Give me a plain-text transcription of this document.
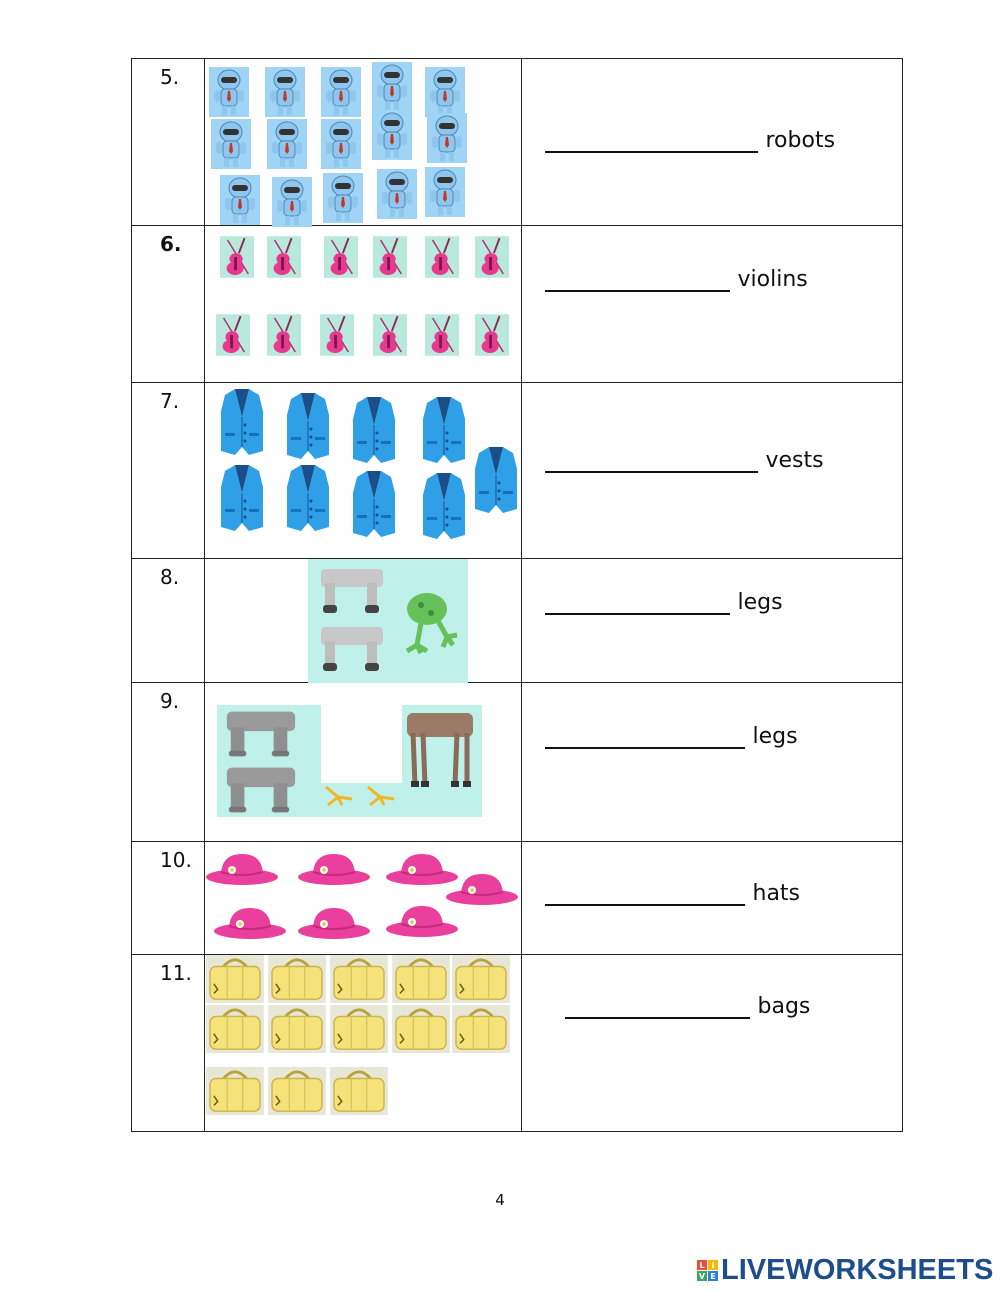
5.		robots

6.		violins

7.		vests

8.		legs

9.		legs

10.		hats

11.		bags
4
L I
V E LIVEWORKSHEETS
